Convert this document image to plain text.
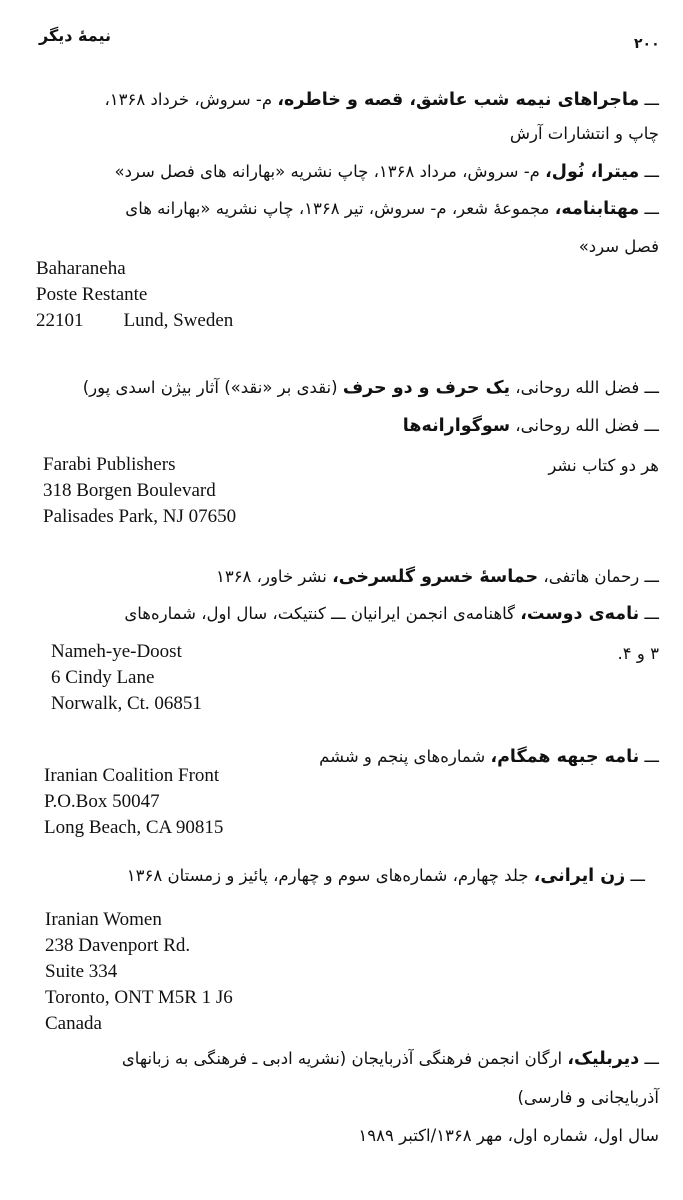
نیمهٔ دیگر	۲۰۰
ـــ ماجراهای نیمه شب عاشق، قصه و خاطره، م‐ سروش، خرداد ۱۳۶۸،
چاپ و انتشارات آرش
ـــ میترا، نُول، م‐ سروش، مرداد ۱۳۶۸، چاپ نشریه «بهارانه های فصل سرد»
ـــ مهتابنامه، مجموعهٔ شعر، م‐ سروش، تیر ۱۳۶۸، چاپ نشریه «بهارانه های
فصل سرد»
Baharaneha
Poste Restante
22101 Lund, Sweden
ـــ فضل الله روحانی، یک حرف و دو حرف (نقدی بر «نقد») آثار بیژن اسدی پور)
ـــ فضل الله روحانی، سوگوارانه‌ها
هر دو کتاب نشر
Farabi Publishers
318 Borgen Boulevard
Palisades Park, NJ 07650
ـــ رحمان هاتفی، حماسهٔ خسرو گلسرخی، نشر خاور، ۱۳۶۸
ـــ نامه‌ی دوست، گاهنامه‌ی انجمن ایرانیان ـــ کنتیکت، سال اول، شماره‌های
۳ و ۴.
Nameh-ye-Doost
6 Cindy Lane
Norwalk, Ct. 06851
ـــ نامه جبهه همگام، شماره‌های پنجم و ششم
Iranian Coalition Front
P.O.Box 50047
Long Beach, CA 90815
ـــ زن ایرانی، جلد چهارم، شماره‌های سوم و چهارم، پائیز و زمستان ۱۳۶۸
Iranian Women
238 Davenport Rd.
Suite 334
Toronto, ONT M5R 1 J6
Canada
ـــ دیربلیک، ارگان انجمن فرهنگی آذربایجان (نشریه ادبی ـ فرهنگی به زبانهای
آذربایجانی و فارسی)
سال اول، شماره اول، مهر ۱۳۶۸/اکتبر ۱۹۸۹
